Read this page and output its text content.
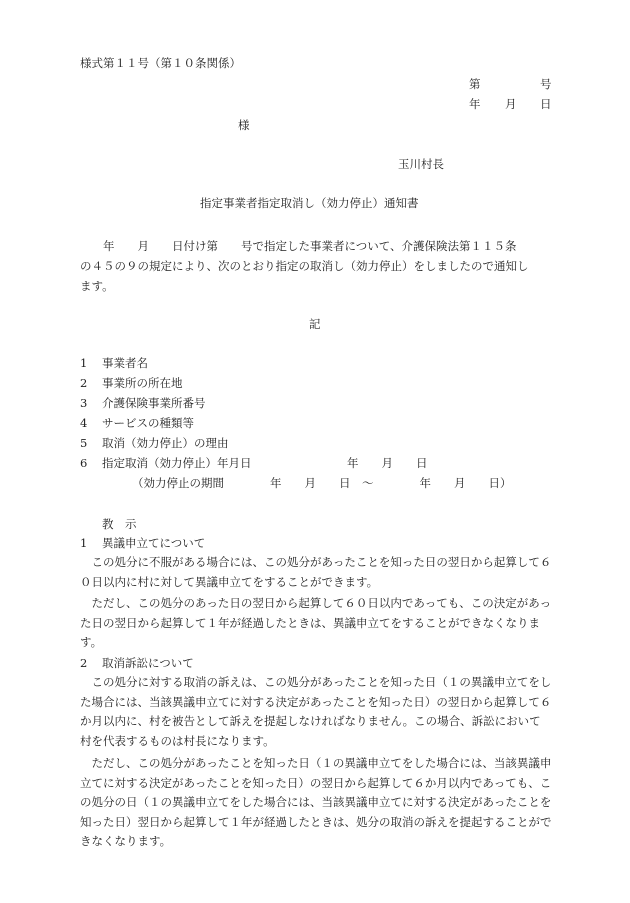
様式第１１号（第１０条関係）
第	号
年 月 日
様
玉川村長
指定事業者指定取消し（効力停止）通知書
　　年　　月　　日付け第　　号で指定した事業者について、介護保険法第１１５条
の４５の９の規定により、次のとおり指定の取消し（効力停止）をしましたので通知し
ます。
記
1 事業者名
2 事業所の所在地
3 介護保険事業所番号
4 サービスの種類等
5 取消（効力停止）の理由
6 指定取消（効力停止）年月日	年　　月　　日
（効力停止の期間　　　　年　　月　　日　～　　　　年　　月　　日）
教　示
1 異議申立てについて
この処分に不服がある場合には、この処分があったことを知った日の翌日から起算して６０日以内に村に対して異議申立てをすることができます。
ただし、この処分のあった日の翌日から起算して６０日以内であっても、この決定があった日の翌日から起算して１年が経過したときは、異議申立てをすることができなくなります。
2 取消訴訟について
この処分に対する取消の訴えは、この処分があったことを知った日（１の異議申立てをした場合には、当該異議申立てに対する決定があったことを知った日）の翌日から起算して６か月以内に、村を被告として訴えを提起しなければなりません。この場合、訴訟において村を代表するものは村長になります。
ただし、この処分があったことを知った日（１の異議申立てをした場合には、当該異議申立てに対する決定があったことを知った日）の翌日から起算して６か月以内であっても、この処分の日（１の異議申立てをした場合には、当該異議申立てに対する決定があったことを知った日）翌日から起算して１年が経過したときは、処分の取消の訴えを提起することができなくなります。
